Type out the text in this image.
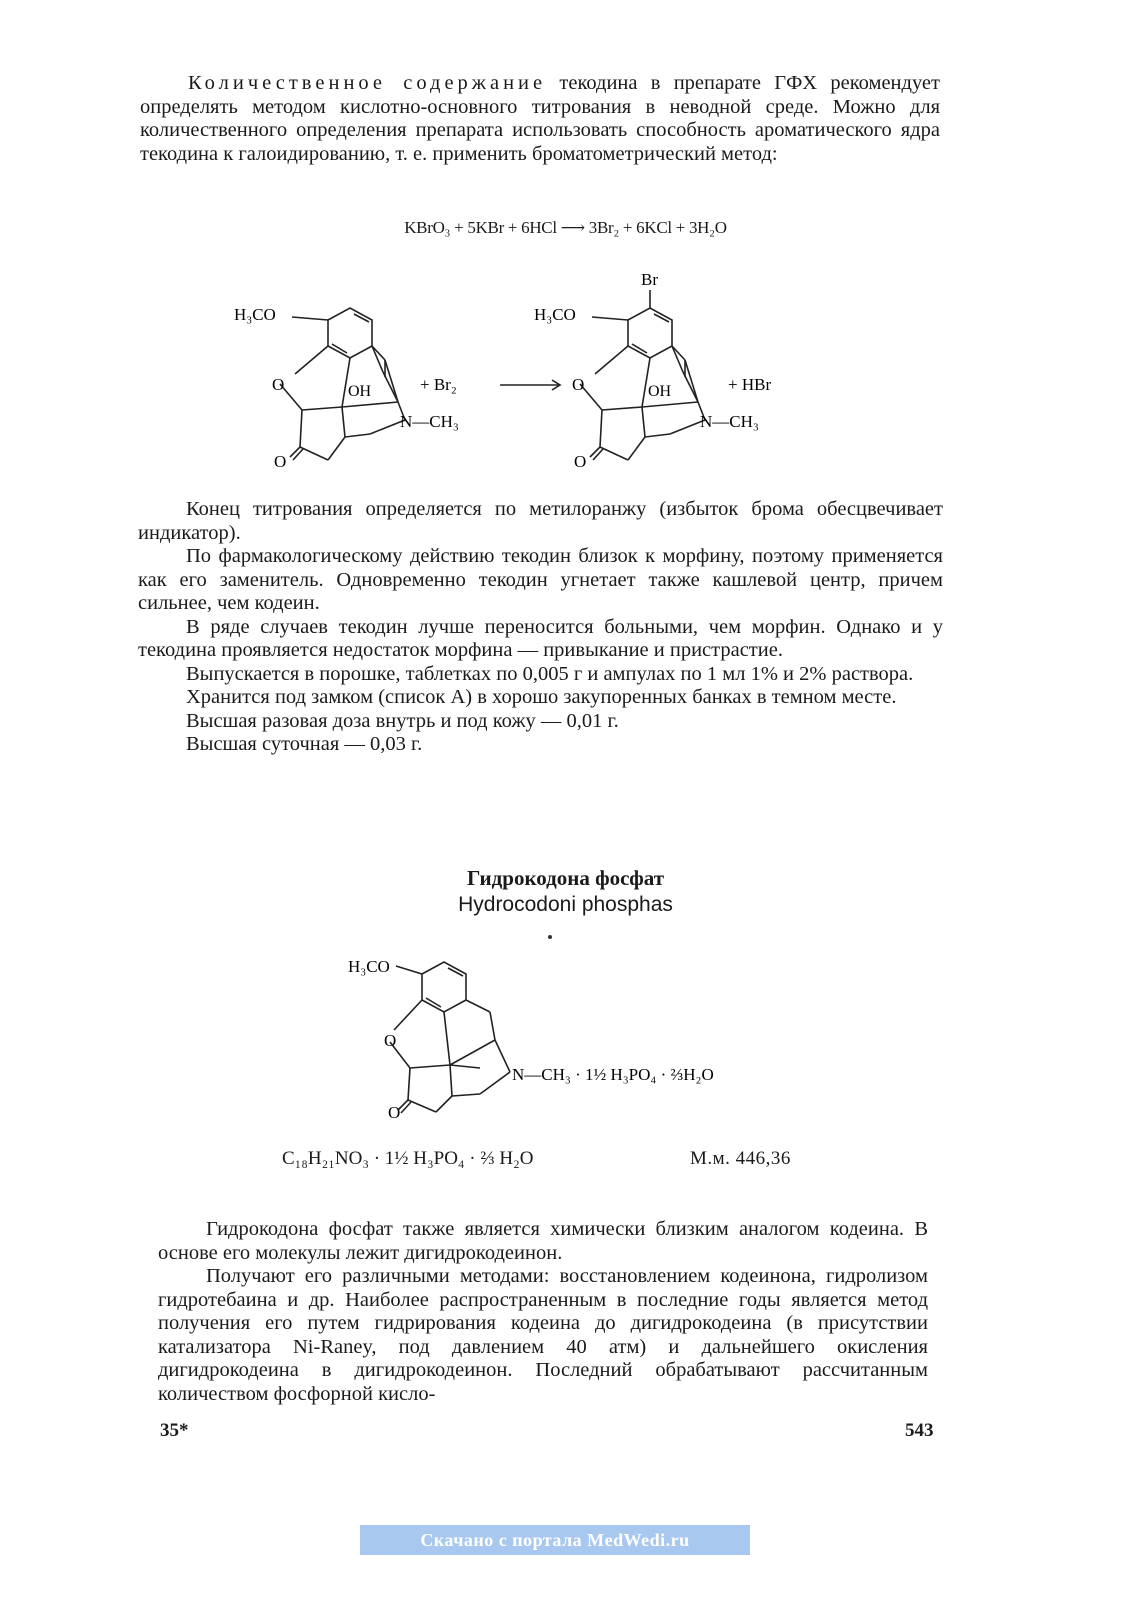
Количественное содержание текодина в препарате ГФХ рекомендует определять методом кислотно-основного титрования в неводной среде. Можно для количественного определения препарата использовать способность ароматического ядра текодина к галоидированию, т. е. применить броматометрический метод:

KBrO₃ + 5KBr + 6HCl ⟶ 3Br₂ + 6KCl + 3H₂O
H₃CO
O	OH
N—CH₃
O
+ Br₂
Br
H₃CO
O	OH
N—CH₃
O
+ HBr

Конец титрования определяется по метилоранжу (избыток брома обесцвечивает индикатор).

По фармакологическому действию текодин близок к морфину, поэтому применяется как его заменитель. Одновременно текодин угнетает также кашлевой центр, причем сильнее, чем кодеин.

В ряде случаев текодин лучше переносится больными, чем морфин. Однако и у текодина проявляется недостаток морфина — привыкание и пристрастие.

Выпускается в порошке, таблетках по 0,005 г и ампулах по 1 мл 1% и 2% раствора.

Хранится под замком (список А) в хорошо закупоренных банках в темном месте.

Высшая разовая доза внутрь и под кожу — 0,01 г.

Высшая суточная — 0,03 г.

Гидрокодона фосфат
Hydrocodoni phosphas
H₃CO
O
N—CH₃ · 1½ H₃PO₄ · ⅔H₂O
O
C₁₈H₂₁NO₃ · 1½ H₃PO₄ · ⅔ H₂O	М.м. 446,36

Гидрокодона фосфат также является химически близким аналогом кодеина. В основе его молекулы лежит дигидрокодеинон.

Получают его различными методами: восстановлением кодеинона, гидролизом гидротебаина и др. Наиболее распространенным в последние годы является метод получения его путем гидрирования кодеина до дигидрокодеина (в присутствии катализатора Ni-Raney, под давлением 40 атм) и дальнейшего окисления дигидрокодеина в дигидрокодеинон. Последний обрабатывают рассчитанным количеством фосфорной кисло-

35*	543
Скачано с портала MedWedi.ru
